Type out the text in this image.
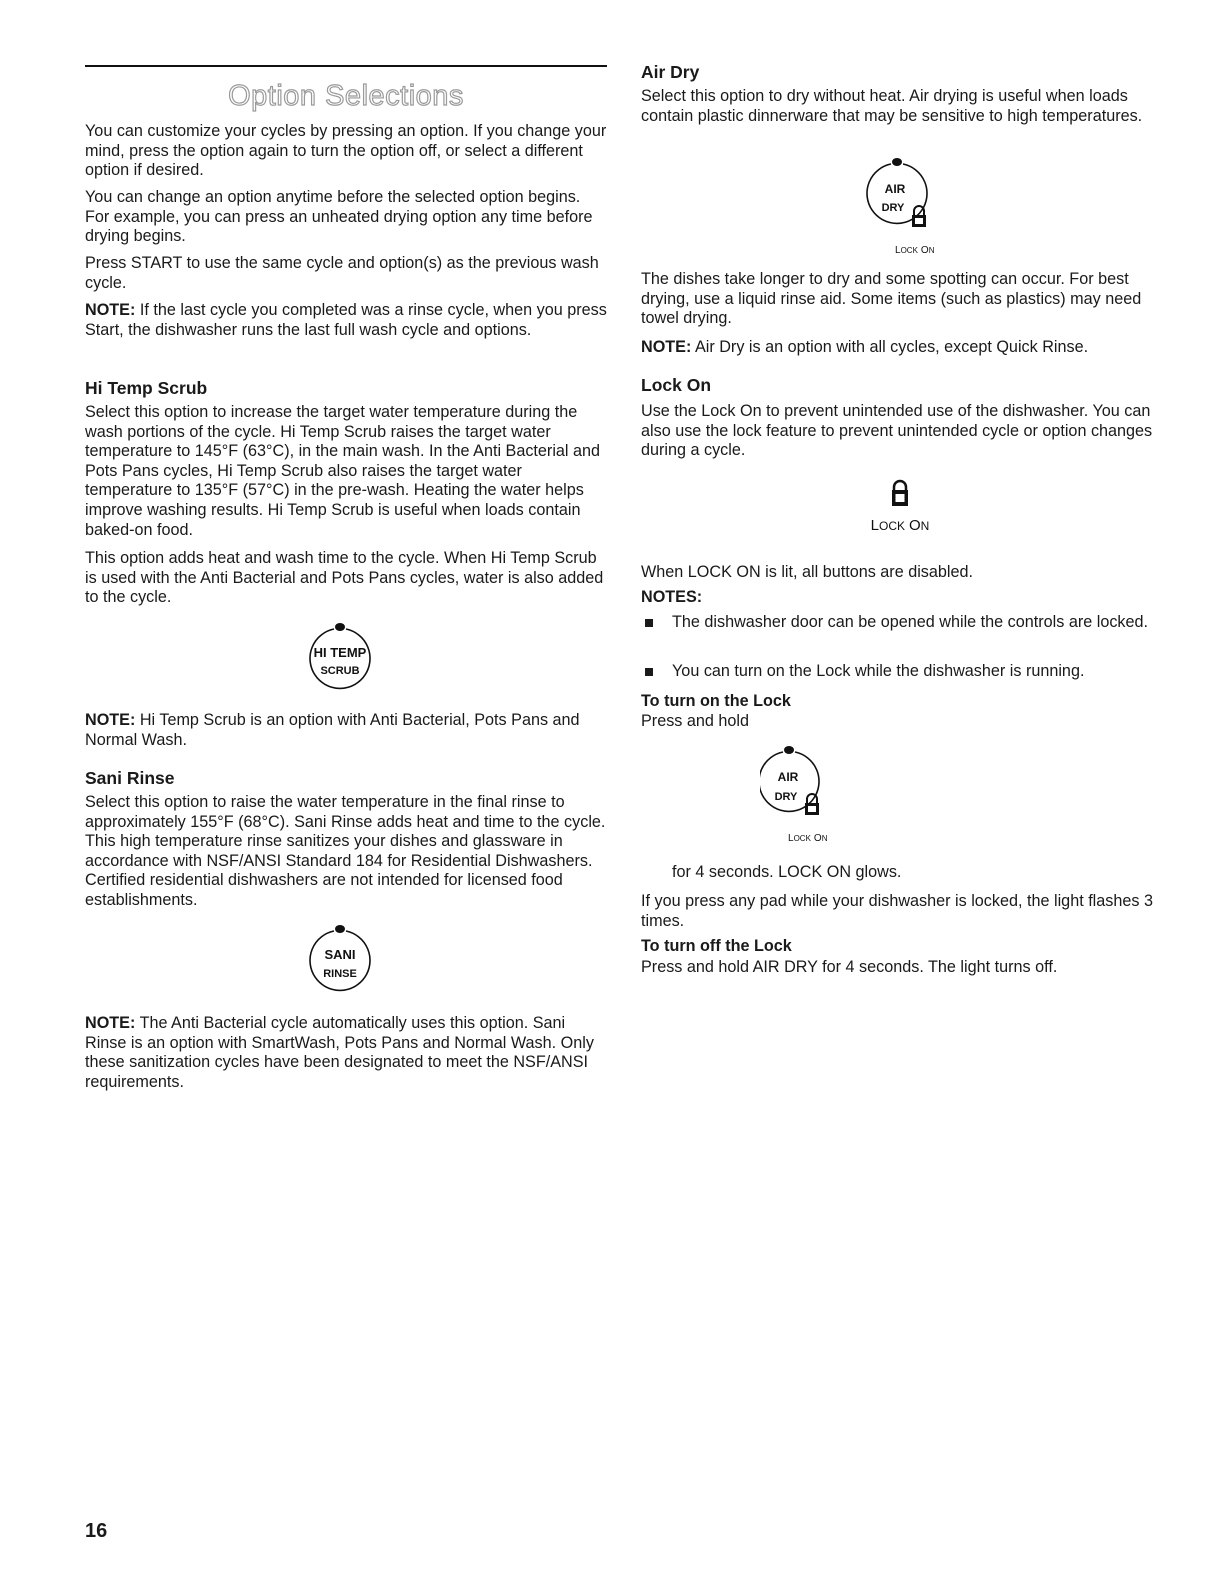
Option Selections

You can customize your cycles by pressing an option. If you change your mind, press the option again to turn the option off, or select a different option if desired.

You can change an option anytime before the selected option begins. For example, you can press an unheated drying option any time before drying begins.

Press START to use the same cycle and option(s) as the previous wash cycle.

NOTE: If the last cycle you completed was a rinse cycle, when you press Start, the dishwasher runs the last full wash cycle and options.

Hi Temp Scrub

Select this option to increase the target water temperature during the wash portions of the cycle. Hi Temp Scrub raises the target water temperature to 145°F (63°C), in the main wash. In the Anti Bacterial and Pots Pans cycles, Hi Temp Scrub also raises the target water temperature to 135°F (57°C) in the pre-wash. Heating the water helps improve washing results. Hi Temp Scrub is useful when loads contain baked-on food.

This option adds heat and wash time to the cycle. When Hi Temp Scrub is used with the Anti Bacterial and Pots Pans cycles, water is also added to the cycle.

HI TEMP
SCRUB

NOTE: Hi Temp Scrub is an option with Anti Bacterial, Pots Pans and Normal Wash.

Sani Rinse

Select this option to raise the water temperature in the final rinse to approximately 155°F (68°C). Sani Rinse adds heat and time to the cycle. This high temperature rinse sanitizes your dishes and glassware in accordance with NSF/ANSI Standard 184 for Residential Dishwashers. Certified residential dishwashers are not intended for licensed food establishments.

SANI
RINSE

NOTE: The Anti Bacterial cycle automatically uses this option. Sani Rinse is an option with SmartWash, Pots Pans and Normal Wash. Only these sanitization cycles have been designated to meet the NSF/ANSI requirements.

Air Dry

Select this option to dry without heat. Air drying is useful when loads contain plastic dinnerware that may be sensitive to high temperatures.

AIR
DRY
LOCK ON

The dishes take longer to dry and some spotting can occur. For best drying, use a liquid rinse aid. Some items (such as plastics) may need towel drying.

NOTE: Air Dry is an option with all cycles, except Quick Rinse.

Lock On

Use the Lock On to prevent unintended use of the dishwasher. You can also use the lock feature to prevent unintended cycle or option changes during a cycle.

LOCK ON

When LOCK ON is lit, all buttons are disabled.

NOTES:

The dishwasher door can be opened while the controls are locked.

You can turn on the Lock while the dishwasher is running.

To turn on the Lock

Press and hold

AIR
DRY
LOCK ON

for 4 seconds. LOCK ON glows.

If you press any pad while your dishwasher is locked, the light flashes 3 times.

To turn off the Lock

Press and hold AIR DRY for 4 seconds. The light turns off.

16
